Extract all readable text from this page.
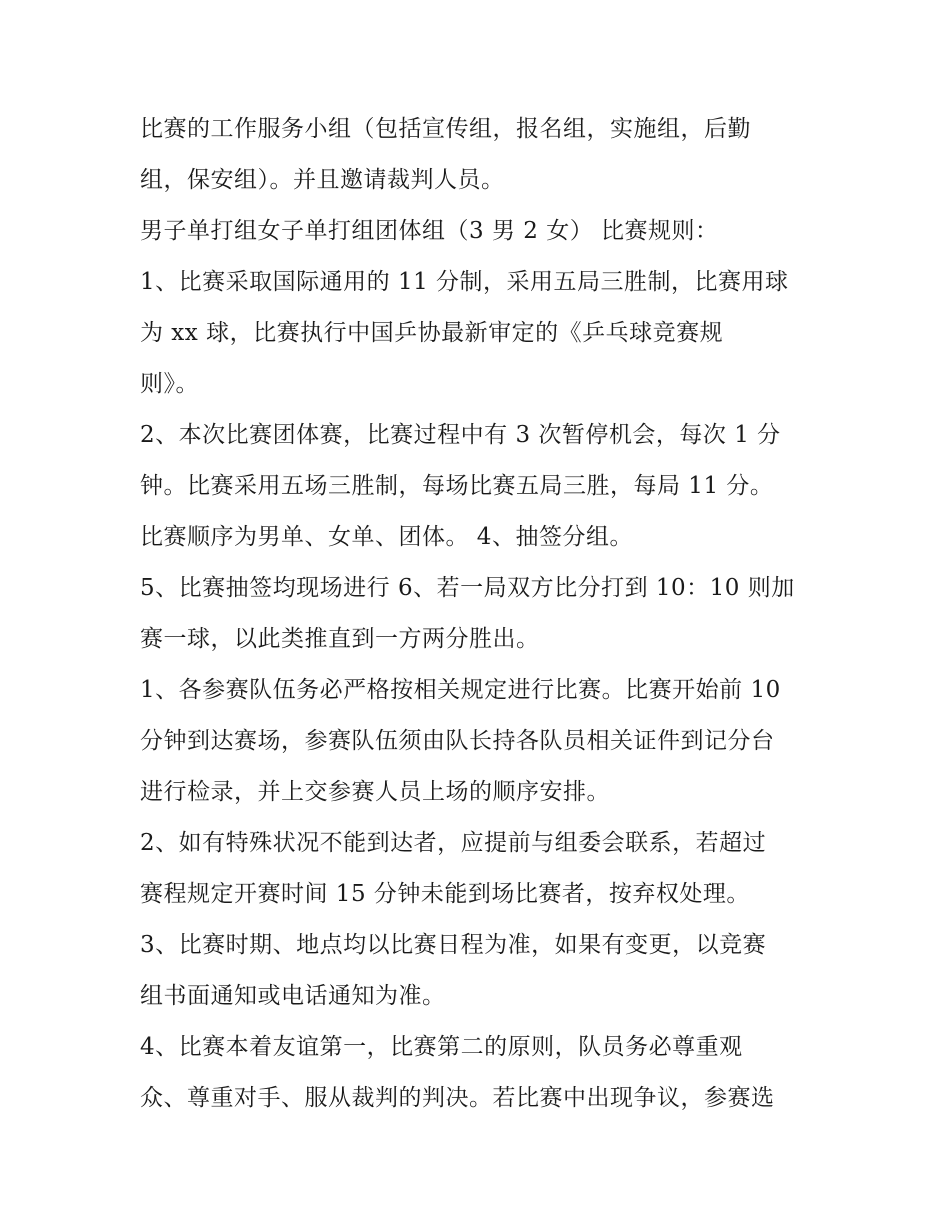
比赛的工作服务小组（包括宣传组，报名组，实施组，后勤
组，保安组）。并且邀请裁判人员。
男子单打组女子单打组团体组（3 男 2 女） 比赛规则：
1、比赛采取国际通用的 11 分制，采用五局三胜制，比赛用球
为 xx 球，比赛执行中国乒协最新审定的《乒乓球竞赛规
则》。
2、本次比赛团体赛，比赛过程中有 3 次暂停机会，每次 1 分
钟。比赛采用五场三胜制，每场比赛五局三胜，每局 11 分。
比赛顺序为男单、女单、团体。 4、抽签分组。
5、比赛抽签均现场进行 6、若一局双方比分打到 10：10 则加
赛一球，以此类推直到一方两分胜出。
1、各参赛队伍务必严格按相关规定进行比赛。比赛开始前 10
分钟到达赛场，参赛队伍须由队长持各队员相关证件到记分台
进行检录，并上交参赛人员上场的顺序安排。
2、如有特殊状况不能到达者，应提前与组委会联系，若超过
赛程规定开赛时间 15 分钟未能到场比赛者，按弃权处理。
3、比赛时期、地点均以比赛日程为准，如果有变更，以竞赛
组书面通知或电话通知为准。
4、比赛本着友谊第一，比赛第二的原则，队员务必尊重观
众、尊重对手、服从裁判的判决。若比赛中出现争议，参赛选
